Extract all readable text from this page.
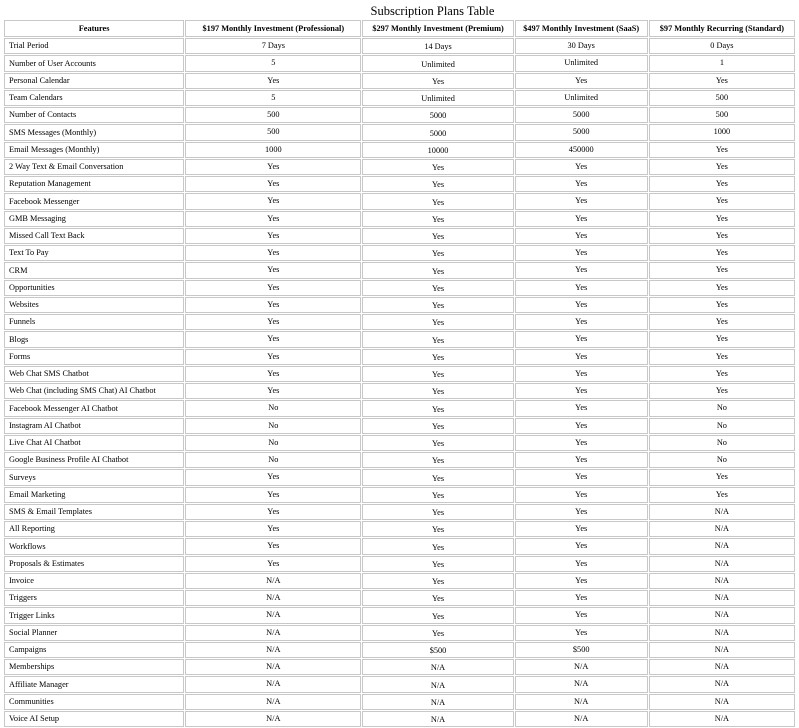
Subscription Plans Table
Features	$197 Monthly Investment (Professional)	$297 Monthly Investment (Premium)	$497 Monthly Investment (SaaS)	$97 Monthly Recurring (Standard)
Trial Period	7 Days	14 Days	30 Days	0 Days
Number of User Accounts	5	Unlimited	Unlimited	1
Personal Calendar	Yes	Yes	Yes	Yes
Team Calendars	5	Unlimited	Unlimited	500
Number of Contacts	500	5000	5000	500
SMS Messages (Monthly)	500	5000	5000	1000
Email Messages (Monthly)	1000	10000	450000	Yes
2 Way Text & Email Conversation	Yes	Yes	Yes	Yes
Reputation Management	Yes	Yes	Yes	Yes
Facebook Messenger	Yes	Yes	Yes	Yes
GMB Messaging	Yes	Yes	Yes	Yes
Missed Call Text Back	Yes	Yes	Yes	Yes
Text To Pay	Yes	Yes	Yes	Yes
CRM	Yes	Yes	Yes	Yes
Opportunities	Yes	Yes	Yes	Yes
Websites	Yes	Yes	Yes	Yes
Funnels	Yes	Yes	Yes	Yes
Blogs	Yes	Yes	Yes	Yes
Forms	Yes	Yes	Yes	Yes
Web Chat SMS Chatbot	Yes	Yes	Yes	Yes
Web Chat (including SMS Chat) AI Chatbot	Yes	Yes	Yes	Yes
Facebook Messenger AI Chatbot	No	Yes	Yes	No
Instagram AI Chatbot	No	Yes	Yes	No
Live Chat AI Chatbot	No	Yes	Yes	No
Google Business Profile AI Chatbot	No	Yes	Yes	No
Surveys	Yes	Yes	Yes	Yes
Email Marketing	Yes	Yes	Yes	Yes
SMS & Email Templates	Yes	Yes	Yes	N/A
All Reporting	Yes	Yes	Yes	N/A
Workflows	Yes	Yes	Yes	N/A
Proposals & Estimates	Yes	Yes	Yes	N/A
Invoice	N/A	Yes	Yes	N/A
Triggers	N/A	Yes	Yes	N/A
Trigger Links	N/A	Yes	Yes	N/A
Social Planner	N/A	Yes	Yes	N/A
Campaigns	N/A	$500	$500	N/A
Memberships	N/A	N/A	N/A	N/A
Affiliate Manager	N/A	N/A	N/A	N/A
Communities	N/A	N/A	N/A	N/A
Voice AI Setup	N/A	N/A	N/A	N/A
